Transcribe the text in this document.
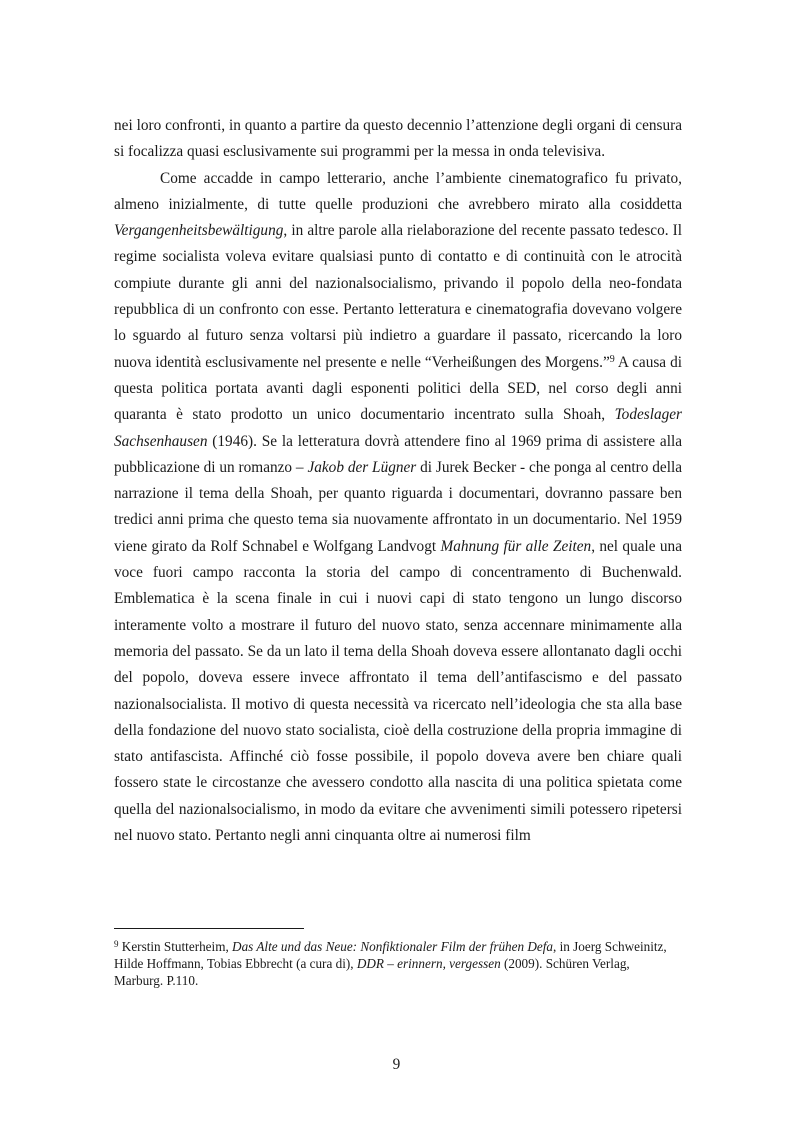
nei loro confronti, in quanto a partire da questo decennio l’attenzione degli organi di censura si focalizza quasi esclusivamente sui programmi per la messa in onda televisiva.

Come accadde in campo letterario, anche l’ambiente cinematografico fu privato, almeno inizialmente, di tutte quelle produzioni che avrebbero mirato alla cosiddetta Vergangenheitsbewältigung, in altre parole alla rielaborazione del recente passato tedesco. Il regime socialista voleva evitare qualsiasi punto di contatto e di continuità con le atrocità compiute durante gli anni del nazionalsocialismo, privando il popolo della neo-fondata repubblica di un confronto con esse. Pertanto letteratura e cinematografia dovevano volgere lo sguardo al futuro senza voltarsi più indietro a guardare il passato, ricercando la loro nuova identità esclusivamente nel presente e nelle “Verheißungen des Morgens.”$^9$ A causa di questa politica portata avanti dagli esponenti politici della SED, nel corso degli anni quaranta è stato prodotto un unico documentario incentrato sulla Shoah, Todeslager Sachsenhausen (1946). Se la letteratura dovrà attendere fino al 1969 prima di assistere alla pubblicazione di un romanzo – Jakob der Lügner di Jurek Becker - che ponga al centro della narrazione il tema della Shoah, per quanto riguarda i documentari, dovranno passare ben tredici anni prima che questo tema sia nuovamente affrontato in un documentario. Nel 1959 viene girato da Rolf Schnabel e Wolfgang Landvogt Mahnung für alle Zeiten, nel quale una voce fuori campo racconta la storia del campo di concentramento di Buchenwald. Emblematica è la scena finale in cui i nuovi capi di stato tengono un lungo discorso interamente volto a mostrare il futuro del nuovo stato, senza accennare minimamente alla memoria del passato. Se da un lato il tema della Shoah doveva essere allontanato dagli occhi del popolo, doveva essere invece affrontato il tema dell’antifascismo e del passato nazionalsocialista. Il motivo di questa necessità va ricercato nell’ideologia che sta alla base della fondazione del nuovo stato socialista, cioè della costruzione della propria immagine di stato antifascista. Affinché ciò fosse possibile, il popolo doveva avere ben chiare quali fossero state le circostanze che avessero condotto alla nascita di una politica spietata come quella del nazionalsocialismo, in modo da evitare che avvenimenti simili potessero ripetersi nel nuovo stato. Pertanto negli anni cinquanta oltre ai numerosi film

$^9$ Kerstin Stutterheim, Das Alte und das Neue: Nonfiktionaler Film der frühen Defa, in Joerg Schweinitz, Hilde Hoffmann, Tobias Ebbrecht (a cura di), DDR – erinnern, vergessen (2009). Schüren Verlag, Marburg. P.110.
9
